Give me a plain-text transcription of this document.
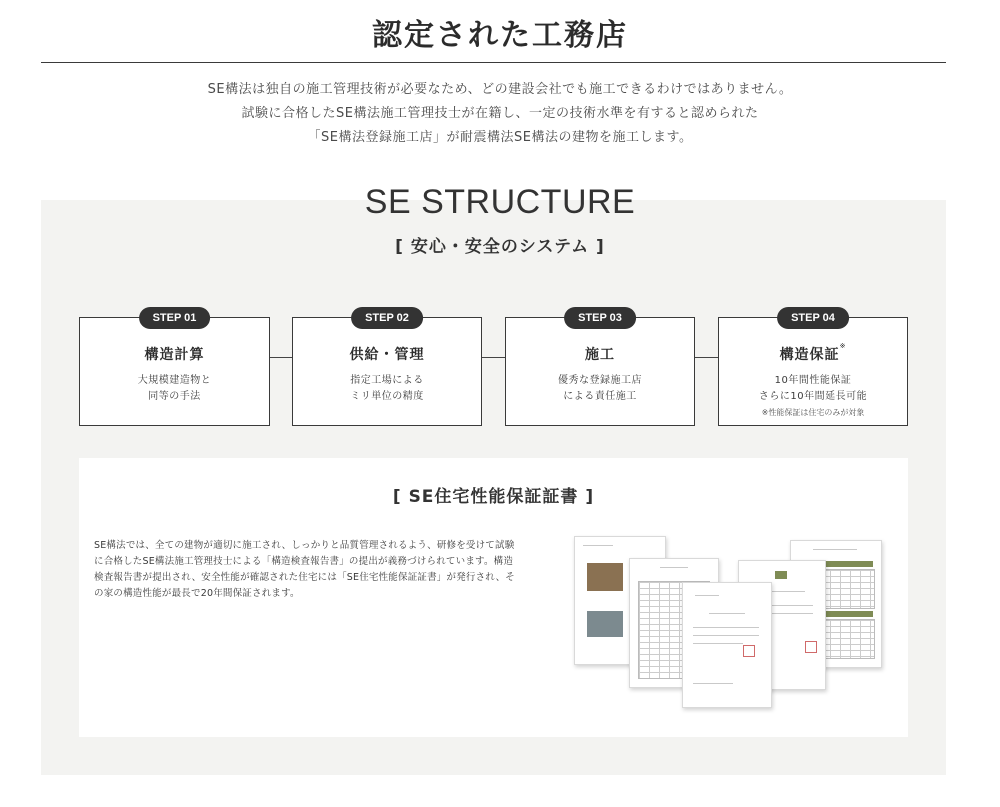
認定された工務店
SE構法は独自の施工管理技術が必要なため、どの建設会社でも施工できるわけではありません。
試験に合格したSE構法施工管理技士が在籍し、一定の技術水準を有すると認められた
「SE構法登録施工店」が耐震構法SE構法の建物を施工します。
SE STRUCTURE
[ 安心・安全のシステム ]
STEP 01
構造計算
大規模建造物と
同等の手法
STEP 02
供給・管理
指定工場による
ミリ単位の精度
STEP 03
施工
優秀な登録施工店
による責任施工
STEP 04
構造保証※
10年間性能保証
さらに10年間延長可能
※性能保証は住宅のみが対象
[ SE住宅性能保証証書 ]
SE構法では、全ての建物が適切に施工され、しっかりと品質管理されるよう、研修を受けて試験
に合格したSE構法施工管理技士による「構造検査報告書」の提出が義務づけられています。構造
検査報告書が提出され、安全性能が確認された住宅には「SE住宅性能保証証書」が発行され、そ
の家の構造性能が最長で20年間保証されます。
